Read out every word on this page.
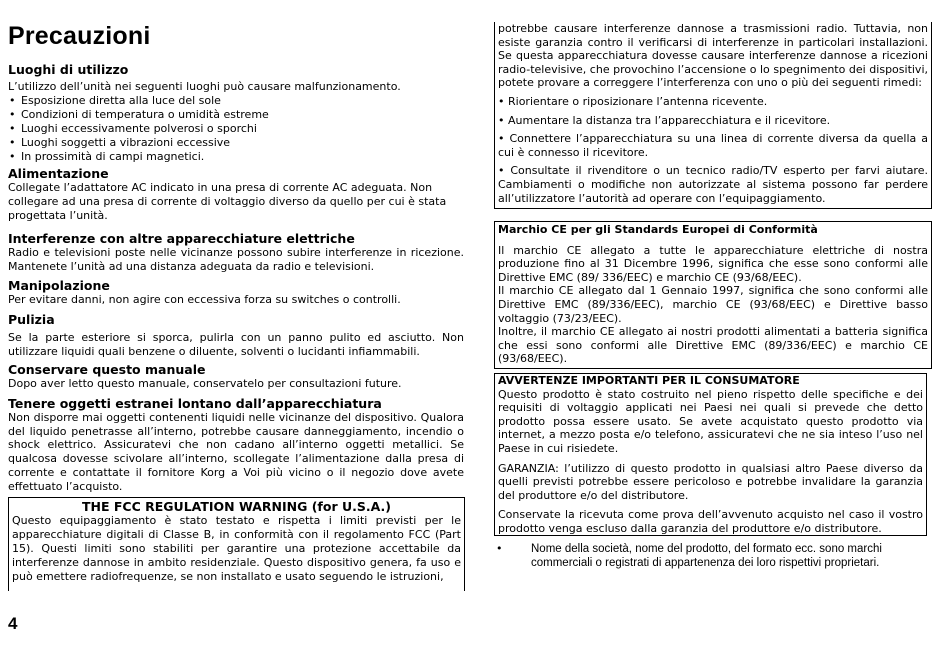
Precauzioni

Luoghi di utilizzo

L’utilizzo dell’unità nei seguenti luoghi può causare malfunzionamento.

• Esposizione diretta alla luce del sole
• Condizioni di temperatura o umidità estreme
• Luoghi eccessivamente polverosi o sporchi
• Luoghi soggetti a vibrazioni eccessive
• In prossimità di campi magnetici.

Alimentazione

Collegate l’adattatore AC indicato in una presa di corrente AC adeguata. Non collegare ad una presa di corrente di voltaggio diverso da quello per cui è stata progettata l’unità.

Interferenze con altre apparecchiature elettriche

Radio e televisioni poste nelle vicinanze possono subire interferenze in ricezione. Mantenete l’unità ad una distanza adeguata da radio e televisioni.

Manipolazione

Per evitare danni, non agire con eccessiva forza su switches o controlli.

Pulizia

Se la parte esteriore si sporca, pulirla con un panno pulito ed asciutto. Non utilizzare liquidi quali benzene o diluente, solventi o lucidanti infiammabili.

Conservare questo manuale

Dopo aver letto questo manuale, conservatelo per consultazioni future.

Tenere oggetti estranei lontano dall’apparecchiatura

Non disporre mai oggetti contenenti liquidi nelle vicinanze del dispositivo. Qualora del liquido penetrasse all’interno, potrebbe causare danneggiamento, incendio o shock elettrico. Assicuratevi che non cadano all’interno oggetti metallici. Se qualcosa dovesse scivolare all’interno, scollegate l’alimentazione dalla presa di corrente e contattate il fornitore Korg a Voi più vicino o il negozio dove avete effettuato l’acquisto.

THE FCC REGULATION WARNING (for U.S.A.)

Questo equipaggiamento è stato testato e rispetta i limiti previsti per le apparecchiature digitali di Classe B, in conformità con il regolamento FCC (Part 15). Questi limiti sono stabiliti per garantire una protezione accettabile da interferenze dannose in ambito residenziale. Questo dispositivo genera, fa uso e può emettere radiofrequenze, se non installato e usato seguendo le istruzioni,

4

potrebbe causare interferenze dannose a trasmissioni radio. Tuttavia, non esiste garanzia contro il verificarsi di interferenze in particolari installazioni. Se questa apparecchiatura dovesse causare interferenze dannose a ricezioni radio-televisive, che provochino l’accensione o lo spegnimento dei dispositivi, potete provare a correggere l’interferenza con uno o più dei seguenti rimedi:

• Riorientare o riposizionare l’antenna ricevente.

• Aumentare la distanza tra l’apparecchiatura e il ricevitore.

• Connettere l’apparecchiatura su una linea di corrente diversa da quella a cui è connesso il ricevitore.

• Consultate il rivenditore o un tecnico radio/TV esperto per farvi aiutare. Cambiamenti o modifiche non autorizzate al sistema possono far perdere all’utilizzatore l’autorità ad operare con l’equipaggiamento.

Marchio CE per gli Standards Europei di Conformità

Il marchio CE allegato a tutte le apparecchiature elettriche di nostra produzione fino al 31 Dicembre 1996, significa che esse sono conformi alle Direttive EMC (89/ 336/EEC) e marchio CE (93/68/EEC).

Il marchio CE allegato dal 1 Gennaio 1997, significa che sono conformi alle Direttive EMC (89/336/EEC), marchio CE (93/68/EEC) e Direttive basso voltaggio (73/23/EEC).

Inoltre, il marchio CE allegato ai nostri prodotti alimentati a batteria significa che essi sono conformi alle Direttive EMC (89/336/EEC) e marchio CE (93/68/EEC).

AVVERTENZE IMPORTANTI PER IL CONSUMATORE

Questo prodotto è stato costruito nel pieno rispetto delle specifiche e dei requisiti di voltaggio applicati nei Paesi nei quali si prevede che detto prodotto possa essere usato. Se avete acquistato questo prodotto via internet, a mezzo posta e/o telefono, assicuratevi che ne sia inteso l’uso nel Paese in cui risiedete.

GARANZIA: l’utilizzo di questo prodotto in qualsiasi altro Paese diverso da quelli previsti potrebbe essere pericoloso e potrebbe invalidare la garanzia del produttore e/o del distributore.

Conservate la ricevuta come prova dell’avvenuto acquisto nel caso il vostro prodotto venga escluso dalla garanzia del produttore e/o distributore.

• Nome della società, nome del prodotto, del formato ecc. sono marchi commerciali o registrati di appartenenza dei loro rispettivi proprietari.
